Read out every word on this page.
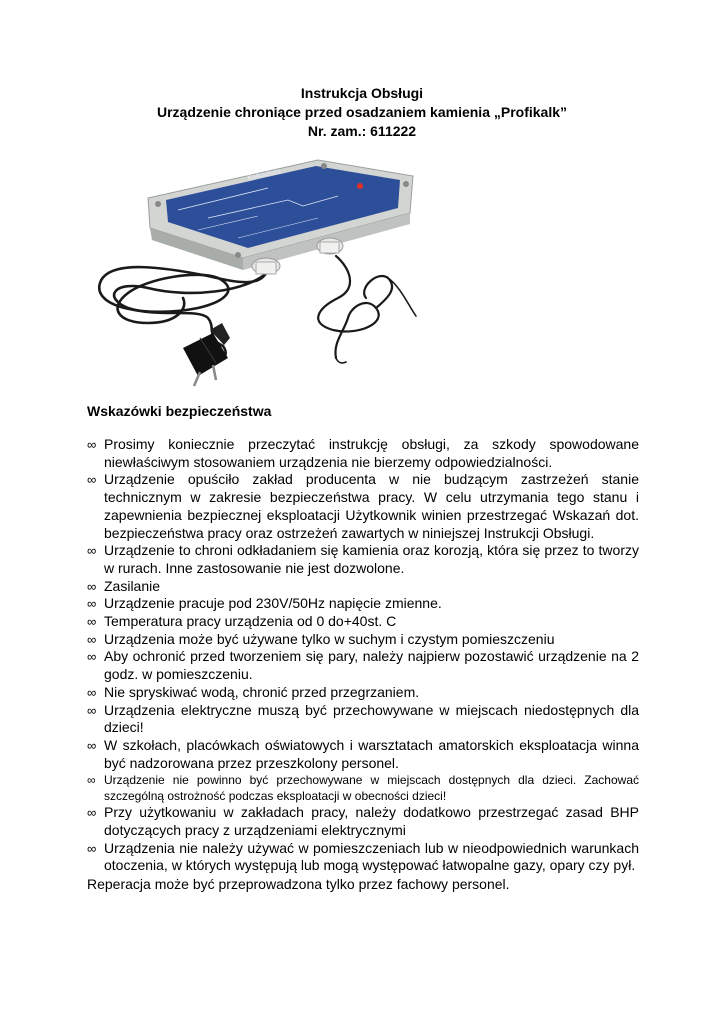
Instrukcja Obsługi
Urządzenie chroniące przed osadzaniem kamienia „Profikalk”
Nr. zam.: 611222
Kalkschutz
Wskazówki bezpieczeństwa
∞ Prosimy koniecznie przeczytać instrukcję obsługi, za szkody spowodowane niewłaściwym stosowaniem urządzenia nie bierzemy odpowiedzialności.
∞ Urządzenie opuściło zakład producenta w nie budzącym zastrzeżeń stanie technicznym w zakresie bezpieczeństwa pracy. W celu utrzymania tego stanu i zapewnienia bezpiecznej eksploatacji Użytkownik winien przestrzegać Wskazań dot. bezpieczeństwa pracy oraz ostrzeżeń zawartych w niniejszej Instrukcji Obsługi.
∞ Urządzenie to chroni odkładaniem się kamienia oraz korozją, która się przez to tworzy w rurach. Inne zastosowanie nie jest dozwolone.
∞ Zasilanie
∞ Urządzenie pracuje pod 230V/50Hz napięcie zmienne.
∞ Temperatura pracy urządzenia od 0 do+40st. C
∞ Urządzenia może być używane tylko w suchym i czystym pomieszczeniu
∞ Aby ochronić przed tworzeniem się pary, należy najpierw pozostawić urządzenie na 2 godz. w pomieszczeniu.
∞ Nie spryskiwać wodą, chronić przed przegrzaniem.
∞ Urządzenia elektryczne muszą być przechowywane w miejscach niedostępnych dla dzieci!
∞ W szkołach, placówkach oświatowych i warsztatach amatorskich eksploatacja winna być nadzorowana przez przeszkolony personel.
∞ Urządzenie nie powinno być przechowywane w miejscach dostępnych dla dzieci. Zachować szczególną ostrożność podczas eksploatacji w obecności dzieci!
∞ Przy użytkowaniu w zakładach pracy, należy dodatkowo przestrzegać zasad BHP dotyczących pracy z urządzeniami elektrycznymi
∞ Urządzenia nie należy używać w pomieszczeniach lub w nieodpowiednich warunkach otoczenia, w których występują lub mogą występować łatwopalne gazy, opary czy pył.

Reperacja może być przeprowadzona tylko przez fachowy personel.
